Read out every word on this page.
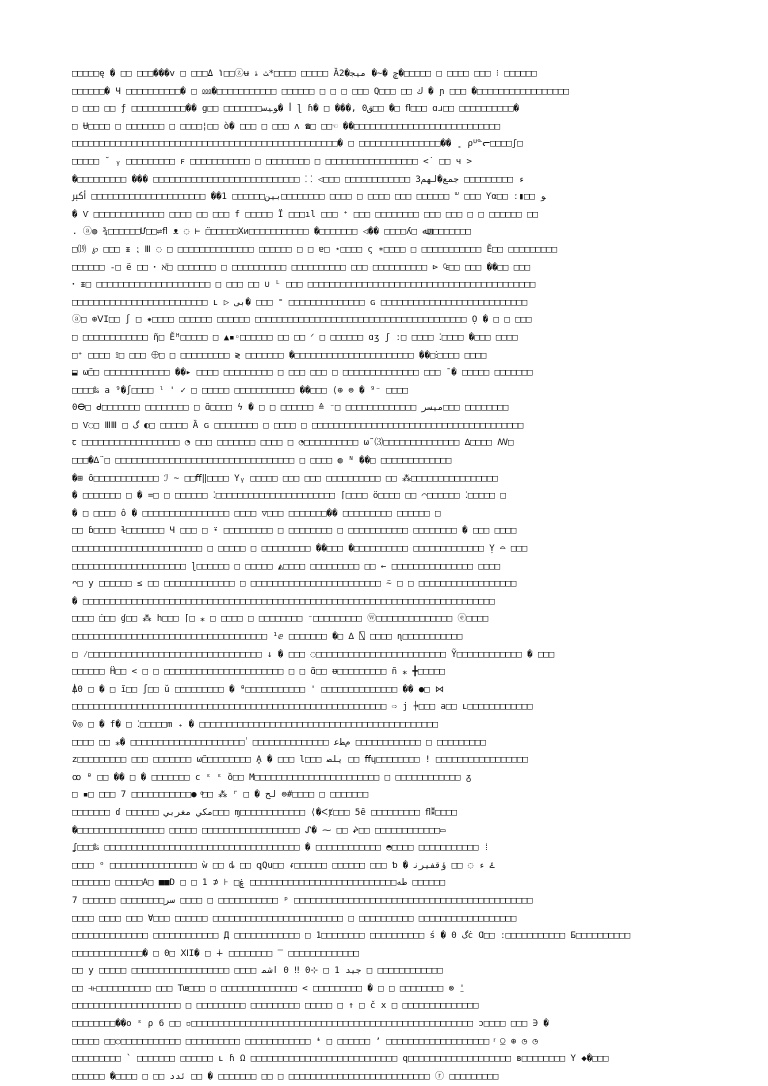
□□□□□ę � □□ □□□���v □ □□□ݳ ߡ□□ⓩʉ ﺚ ﮤ*□□□□ □□□□□ Ȁ2�ݼ �∽� ﻣﯿﺠ�□□□□□ □ □□□□ □□□ ⁝ □□□□□□
□□□□□□� Ч □□□□□□□□□□� □ ⅏�□□□□□□□□□□□ □□□□□□ □ □ □ □□□ Q□□□ □□ ك � ɲ □□□ �□□□□□□□□□□□□□□□□□
□ □□□ □□ ƒ □□□□□□□□□□�� g□□ □□□□□□□ﻮﯿﺳ� ꟾ ɭ ɦ� □ ���, ﻖ0□□ �□ ﬂ□□□ ɑɹ□□ □□□□□□□□□□�
□ Ʉ□□□□ □ □□□□□□□ □ □□□□¦□□ ὸ� □□□ □ □□□ ʌ ☎□ □□☜ ��□□□□□□□□□□□□□□□□□□□□□□□□□□□
□□□□□□□□□□□□□□□□□□□□□□□□□□□□□□□□□□□□□□□□□□□□□□□□□� □ □□□□□□□□□□□□□□□�� ˳ ρᓑᓐᓕ□□□□ʃ□
□□□□□ ˘ ᵧ □□□□□□□□□ ꜰ □□□□□□□□□□□ □ □□□□□□□□ □ □□□□□□□□□□□□□□□□□ <˙ □□ ч >
�□□□□□□□□□ ��� □□□□□□□□□□□□□□□□□□□□□□□□□□□ ⸬ ◁□□□ □□□□□□□□□□□□ 3ء □□□□□□□□□ ﺟﻤﻊ�ﻟﻬﻢ
ﺑﯿﻦ□□□□□□ 1�� □□□□□□□□□□□□□□□□□□□□□ ﷳ□□□□□□□□ □□□□ □ □□□□ □□□ □□□□□□ ᐜ □□□ Ƴα□□ ː▮□□ ﻮ
� Ѵ □□□□□□□□□□□□□ □□□□ □□ □□□ f □□□□□ Ï □□□ıl □□□ ⁺ □□□ □□□□□□□□ □□□ □□□ □ □ □□□□□□ □□
. ⓐ◍ ¾□□□□□□Ư□□⇌ﬂ ᴥ ◌ ⊢ ̈□□□□□□Xᴎ□□□□□□□□□□□ �□□□□□□□ ◁�� □□□□ʎ□ ﷲ□□□□□□□□
□⒆ ℘ □□□ ᵻ ⁏ Ⅲ ◌ □ □□□□□□□□□□□□□□ □□□□□□ □ □ ɐ□ ⋆□□□□ ς ∗□□□□ □ □□□□□□□□□□□ Ĕ□□ □□□□□□□□□
□□□□□□ -□ ë □□ ꞏ ℵ̈□ □□□□□□□ □ □□□□□□□□□□ □□□□□□□□□□ □□□ □□□□□□□□□□ ⊳ ₠□□ □□□ ��□□ □□□
ꞏ ᵻ□ □□□□□□□□□□□□□□□□□□□□□ □ □□□ □□ ∪ ᴸ □□□ □□□□□□□□□□□□□□□□□□□□□□□□□□□□□□□□□□□□□□□□□□
□□□□□□□□□□□□□□□□□□□□□□□□□ ʟ ▷ ﺑﻰ� □□□ ⁼ □□□□□□□□□□□□□□ ɢ □□□□□□□□□□□□□□□□□□□□□□□□□□□
ⓐ□ ⊕ⅤI□□ ∫ □ ✷□□□□ □□□□□□ □□□□□□ □□□□□□□□□□□□□□□□□□□□□□□□□□□□□□□□□□□□□□□ Ọ � □ □ □□□
□ □□□□□□□□□□□□ ῆ□ Ĕᴴ□□□□□ □ ▲▪◦□□□□□□ □□ □□ ᐟ □ □□□□□□ ɑʒ ʃ ː□ □□□□ ⁚□□□□ �□□□ □□□□
□⁺ □□□□ ⟟□ □□□ ⨁□ □ □□□□□□□□□ ≷ □□□□□□□ �□□□□□□□□□□□□□□□□□□□□□□ ��□⁝□□□□ □□□□
⬓ ω̃□□ □□□□□□□□□□□□ ��▸ □□□□ □□□□□□□□□ □ □□□ □□□ □ □□□□□□□□□□□□□□ □□□ ̄ � □□□□□ □□□□□□□
□□□□‰ a ⁹�∫□□□□ ˡ ' ✓ □ □□□□□ □□□□□□□□□□□ ��□□□ ⟨⊕ ⊜ � ⁹⁻ □□□□
0ⴱ□ ᑯ□□□□□□□ □□□□□□□□ □ ɑ̃□□□□ ϟ � □ ᠋□ □□□□□□ ≙ ⁻□ □□□□□□□□□□□□□ ﻣﯿﺴﺮ□□□ □□□□□□□□
□ Ѵ◌□ ⅢⅢ □ گ ◐□ □□□□□ Ȁ ɢ □□□□□□□□ □ □□□□ □ □□□□□□□□□□□□□□□□□□□□□□□□□□□□□□□□□□□□□□□
ꞇ □□□□□□□□□□□□□□□□□□ ◔ □□□ □□□□□□□ □□□□ □ ◔□□□□□□□□□□ ω̃ ⑶□□□□□□□□□□□□□□ ∆□□□□ ꟿ□
□□□�∆̈ □ □□□□□□□□□□□□□□□□□□□□□□□□□□□□□□□□□ □ □□□□ ◍ ᴺ ��□ □□□□□□□□□□□□□
�⊞ ȏ□□□□□□□□□□□□ ℐ ~ □□ﬀ‖□□□□ Yᵧ □□□□□ □□□ □□□ □□□□□□□□□□ □□ ⁂□□□□□□□□□□□□□□□□
� □□□□□□□ □ � =□ □ □□□□□□ ⁚□□□□□□□□□□□□□□□□□□□□□□ ⌈□□□□ ö□□□□ □□ ⌒□□□□□□ ⁚□□□□□ □
� □ □□□□ ô � □□□□□□□□□□□□□□□□ □□□□ ▽□□□ □□□□□□□�� □□□□□□□□□ □□□□□□ □
□□ ɓ□□□□ ɫ□□□□□□□ Ч □□□ □ ⍣ □□□□□□□□□ □ □□□□□□□□ □ □□□□□□□□□□□ □□□□□□□□ � □□□ □□□□
□□□□□□□□□□□□□□□□□□□□□□□□ □ □□□□□ □ □□□□□□□□□ ��□□□ �□□□□□□□□□□ □□□□□□□□□□□□□ Ỵ ⌓ □□□
□□□□□□□□□□□□□□□□□□□□□ ɭ□□□□□□ □ □□□□□ ◭□□□□ □□□□□□□□□ □□ ← □□□□□□□□□□□□□□□ □□□□
ᴖ□ y □□□□□□ ≤ □□ □□□□□□□□□□□□□ □ □□□□□□□□□□□□□□□□□□□□□□□□ ⍨ □ □ □□□□□□□□□□□□□□□□□□
� □□□□□□□□□□□□□□□□□□□□□□□□□□□□□□□□□□□□□□□□□□□□□□□□□□□□□□□□□□□□□□□□□□□□□□□□□□□□
□□□□ ̇□□□ ɠ□□ ⁂ h□□□ ⌈□ ⁎ □ □□□□ □ □□□□□□□□ ⁻□□□□□□□□□ ⓦ□□□□□□□□□□□□□□ ⓔ□□□□
□□□□□□□□□□□□□□□□□□□□□□□□□□□□□□□□□□□□ ¹ⅇ □□□□□□□ �□ ∆ ⍂ □□□□ ɳ□□□□□□□□□□□
□ ⁄□□□□□□□□□□□□□□□□□□□□□□□□□□□□□□□□ ↓ � □□□ ◌□□□□□□□□□□□□□□□□□□□□□□□□ Ỹ□□□□□□□□□□□□ � □□□
□□□□□□ Ḧ□□ < □ □ □□□□□□□□□□□□□□□□□□□□□□ □ □ ɑ̃□□ ᵿ□□□□□□□□□ ñ ⁎ ╋□□□□□
⍋0 □ � □ ĭ□□ ∫□□ ŭ □□□□□□□□□ � ᶿ□□□□□□□□□□□ ' □□□□□□□□□□□□□□ �� ●□ ⋈
□□□□□□□□□□□□□□□□□□□□□□□□□□□□□□□□□□□□□□□□□□□□□□□□□□□□□□□□□□ ⇨ ϳ ⍆□□□ a□□ ʟ□□□□□□□□□□□□
ṽ◎ □ � f� □ ⁚□□□□□m ₊ � □□□□□□□□□□□□□□□□□□□□□□□□□□□□□□□□□□□□□□□□□□□□
□□□□ □□ ⁎� □□□□□□□□□□□□□□□□□□□□□ ٰ □□□□□□□□□□□□□□ ﻡﻄﻋ □□□□□□□□□□□□ □ □□□□□□□□□
ᴢ□□□□□□□□□ □□□ □□□□□□□ ω̃□□□□□□□□□ Ḁ � □□□ l□□□ ﯾﻠﺼ □□ ﬀɥ□□□□□□□□ ! □□□□□□□□□□□□□□□□□
ꝏ ᶿ □□ �� □ � □□□□□□□ ϲ ᵋ ᵋ ȍ□□ M□□□□□□□□□□□□□□□□□□□□□□□ □ □□□□□□□□□□□□ ᵹ
□ ▪□ □□□ 7 □□□□□□□□□□□● ͦ□□ ⁂ ⌜ □ � ﻟﺢ ⊜#□□□□ □ □□□□□□□
□□□□□□□ ɗ □□□□□□ ﻣﻜﻲ ﻣﻐﺮﺑﻲ□□□ ɱ□□□□□□□□□□□□ ⟨�ᐸⱦ□□□ 5ȇ □□□□□□□□□ ﬂ⁑□□□□
�□□□□□□□□□□□□□□□□ □□□□□ □□□□□□□□□□□□□□□□□□ ᔑ� ⁓ □□ ᖨ□□ □□□□□□□□□□□□▭
ʆ□□□‰ □□□□□□□□□□□□□□□□□□□□□□□□□□□□□□□□□□□□ � □□□□□□□□□□□□ ◓□□□□ □□□□□□□□□□□ ⁞
□□□□ ᵒ □□□□□□□□□□□□□□□□ ẁ □□ ȡ □□ ꝗQu□□ ᵳ□□□□□□ □□□□□□ □□□ ƅ � ۓ ء ◌ □□ ؤﻗﻔﯿﺮﻧ
□□□□□□□ □□□□□A□ ■■D □ □ ﻃﻪ□□□□□□□□□□□□□□□□□□□□□□□□□□□ ۼ□ ⊦ ⊄ 1 □□□□□□
ﺳﺮ□□□□□□□□ □□□□□□ 7 □□□□ □ □□□□□□□□□□□ ᵖ □□□□□□□□□□□□□□□□□□□□□□□□□□□□□□□□□□□□□□□□□□□□
□□□□ □□□□ □□□ Ɐ□□□ □□□□□□ □□□□□□□□□□□□□□□□□□□□□□□□ □ □□□□□□□□□□ □□□□□□□□□□□□□□□□□□
□□□□□□□□□□□□□□ □□□□□□□□□□□□ Д □□□□□□□□□□□□ □ 1□□□□□□□□ □□□□□□□□□□ ś � گ 0ċ Ɑ□□ ː□□□□□□□□□□□ Б□□□□□□□□□□
□□□□□□□□□□□□□� □ 0□ ⅪI� □ ∔ □□□□□□□□ ̿ □□□□□□□□□□□□□
□□ y □□□□□ □□□□□□□□□□□□□□□□□□ □□□□ ﺟﻴﺪ 1 □ ⊹0 ‼ 0 ﺍﺷﻤ □ □□□□□□□□□□□□
□□ ⟛□□□□□□□□□□ □□□ Tᵫ□□□ □ □□□□□□□□□□□□□□ < □□□□□□□□□ � □ □ □□□□□□□□ ⊗ ⍘
□□□□□□□□□□□□□□□□□□□□ □ □□□□□□□□□ □□□□□□□□□ □□□□□ □ ↑ □ č x □ □□□□□□□□□□□□□□
□□□□□□□□��o ᵋ ⍴ 6 □□ ▫□□□□□□□□□□□□□□□□□□□□□□□□□□□□□□□□□□□□□□□□□□□□□□□□□□□□ ɔ□□□□ □□□ ∋ �
□□□□□ □□○□□□□□□□□□□□ □□□□□□□□□□ □□□□□□□□□□□□ ᶤ □ □□□□□□ ʼ □□□□□□□□□□□□□□□□□□□ ͬ ⍜ ⊕ ◷ ◷
□□□□□□□□□ ` □□□□□□□ □□□□□□ ʟ ɦ Ω □□□□□□□□□□□□□□□□□□□□□□□□□□□ q□□□□□□□□□□□□□□□□□□□ ʙ□□□□□□□□ Y ◆�□□□
□□□□□□ �□□□□ □ □□ ﺋﺪﺩ □□ � □□□□□□□ □□ □ □□□□□□□□□□□□□□□□□□□□□□□□□□ ⓡ □□□□□□□□□
